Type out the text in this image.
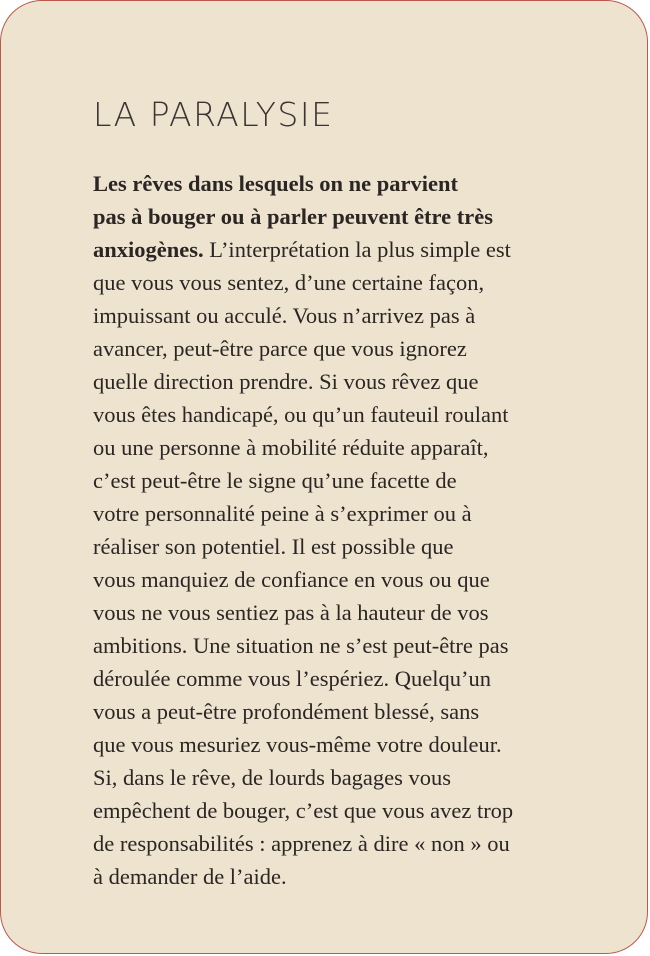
LA PARALYSIE
Les rêves dans lesquels on ne parvient
pas à bouger ou à parler peuvent être très
anxiogènes. L’interprétation la plus simple est
que vous vous sentez, d’une certaine façon,
impuissant ou acculé. Vous n’arrivez pas à
avancer, peut-être parce que vous ignorez
quelle direction prendre. Si vous rêvez que
vous êtes handicapé, ou qu’un fauteuil roulant
ou une personne à mobilité réduite apparaît,
c’est peut-être le signe qu’une facette de
votre personnalité peine à s’exprimer ou à
réaliser son potentiel. Il est possible que
vous manquiez de confiance en vous ou que
vous ne vous sentiez pas à la hauteur de vos
ambitions. Une situation ne s’est peut-être pas
déroulée comme vous l’espériez. Quelqu’un
vous a peut-être profondément blessé, sans
que vous mesuriez vous-même votre douleur.
Si, dans le rêve, de lourds bagages vous
empêchent de bouger, c’est que vous avez trop
de responsabilités : apprenez à dire « non » ou
à demander de l’aide.
